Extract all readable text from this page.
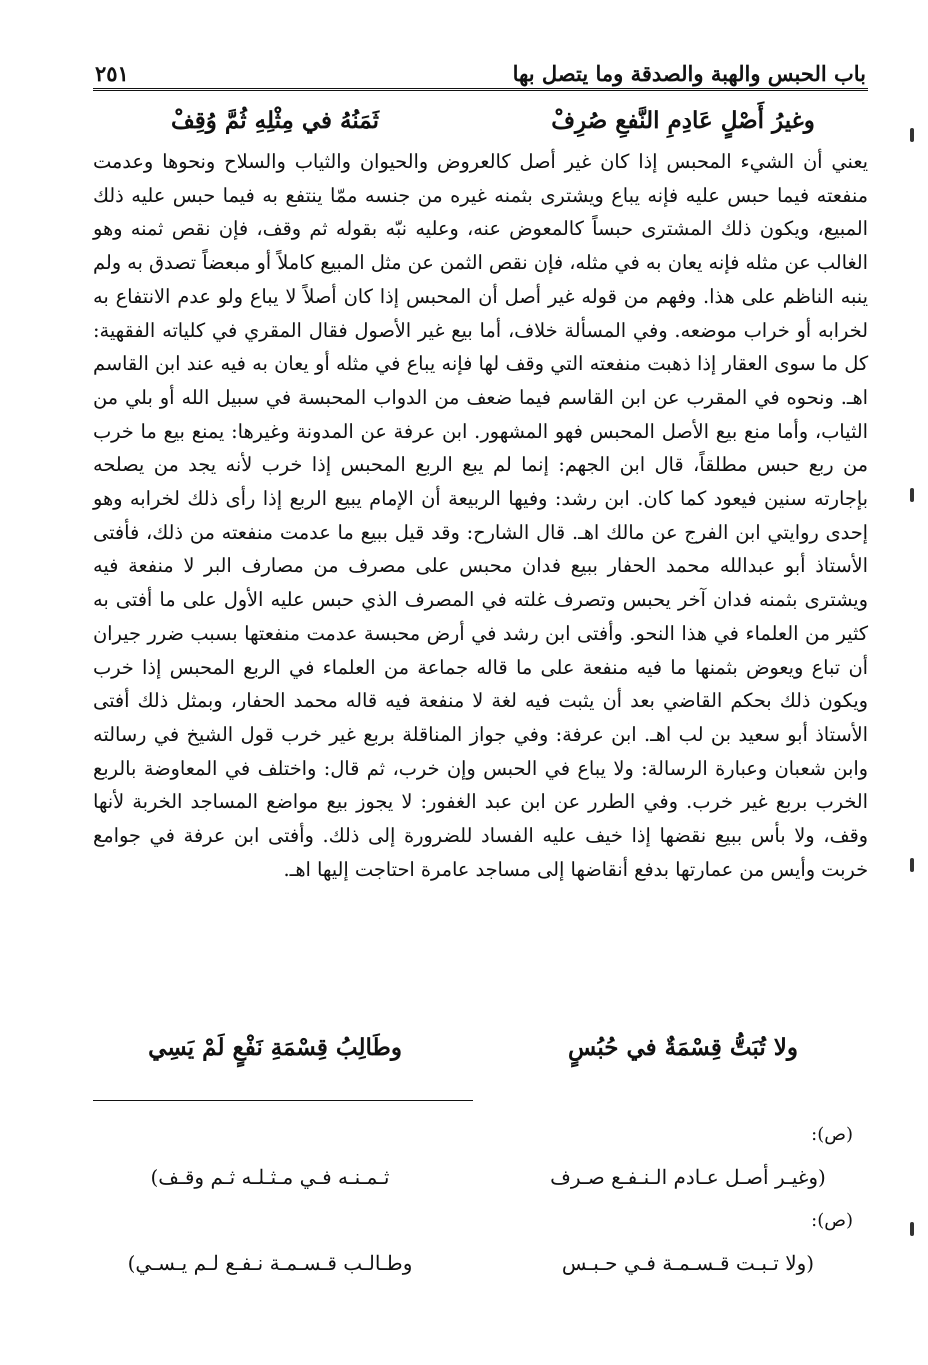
باب الحبس والهبة والصدقة وما يتصل بها
٢٥١
وغيرُ أَصْلٍ عَادِمِ النَّفعِ صُرِفْ
ثَمَنُهُ في مِثْلِهِ ثُمَّ وُقِفْ

يعني أن الشيء المحبس إذا كان غير أصل كالعروض والحيوان والثياب والسلاح ونحوها وعدمت منفعته فيما حبس عليه فإنه يباع ويشترى بثمنه غيره من جنسه ممّا ينتفع به فيما حبس عليه ذلك المبيع، ويكون ذلك المشترى حبساً كالمعوض عنه، وعليه نبّه بقوله ثم وقف، فإن نقص ثمنه وهو الغالب عن مثله فإنه يعان به في مثله، فإن نقص الثمن عن مثل المبيع كاملاً أو مبعضاً تصدق به ولم ينبه الناظم على هذا. وفهم من قوله غير أصل أن المحبس إذا كان أصلاً لا يباع ولو عدم الانتفاع به لخرابه أو خراب موضعه. وفي المسألة خلاف، أما بيع غير الأصول فقال المقري في كلياته الفقهية: كل ما سوى العقار إذا ذهبت منفعته التي وقف لها فإنه يباع في مثله أو يعان به فيه عند ابن القاسم اهـ. ونحوه في المقرب عن ابن القاسم فيما ضعف من الدواب المحبسة في سبيل الله أو بلي من الثياب، وأما منع بيع الأصل المحبس فهو المشهور. ابن عرفة عن المدونة وغيرها: يمنع بيع ما خرب من ربع حبس مطلقاً، قال ابن الجهم: إنما لم يبع الربع المحبس إذا خرب لأنه يجد من يصلحه بإجارته سنين فيعود كما كان. ابن رشد: وفيها الربيعة أن الإمام يبيع الربع إذا رأى ذلك لخرابه وهو إحدى روايتي ابن الفرج عن مالك اهـ. قال الشارح: وقد قيل ببيع ما عدمت منفعته من ذلك، فأفتى الأستاذ أبو عبدالله محمد الحفار ببيع فدان محبس على مصرف من مصارف البر لا منفعة فيه ويشترى بثمنه فدان آخر يحبس وتصرف غلته في المصرف الذي حبس عليه الأول على ما أفتى به كثير من العلماء في هذا النحو. وأفتى ابن رشد في أرض محبسة عدمت منفعتها بسبب ضرر جيران أن تباع ويعوض بثمنها ما فيه منفعة على ما قاله جماعة من العلماء في الربع المحبس إذا خرب ويكون ذلك بحكم القاضي بعد أن يثبت فيه لغة لا منفعة فيه قاله محمد الحفار، وبمثل ذلك أفتى الأستاذ أبو سعيد بن لب اهـ. ابن عرفة: وفي جواز المناقلة بربع غير خرب قول الشيخ في رسالته وابن شعبان وعبارة الرسالة: ولا يباع في الحبس وإن خرب، ثم قال: واختلف في المعاوضة بالربع الخرب بربع غير خرب. وفي الطرر عن ابن عبد الغفور: لا يجوز بيع مواضع المساجد الخربة لأنها وقف، ولا بأس ببيع نقضها إذا خيف عليه الفساد للضرورة إلى ذلك. وأفتى ابن عرفة في جوامع خربت وأيس من عمارتها بدفع أنقاضها إلى مساجد عامرة احتاجت إليها اهـ.

ولا تُبَتُّ قِسْمَةٌ في حُبُسٍ
وطَالِبُ قِسْمَةِ نَفْعٍ لَمْ يَسِي
(ص):
(وغيـر أصـل عـادم الـنـفـع صـرف
ثـمـنـه فـي مـثـلـه ثـم وقـف)
(ص):
(ولا تـبـت قـسـمـة فـي حـبـس
وطـالـب قـسـمـة نـفـع لـم يـسـي)
